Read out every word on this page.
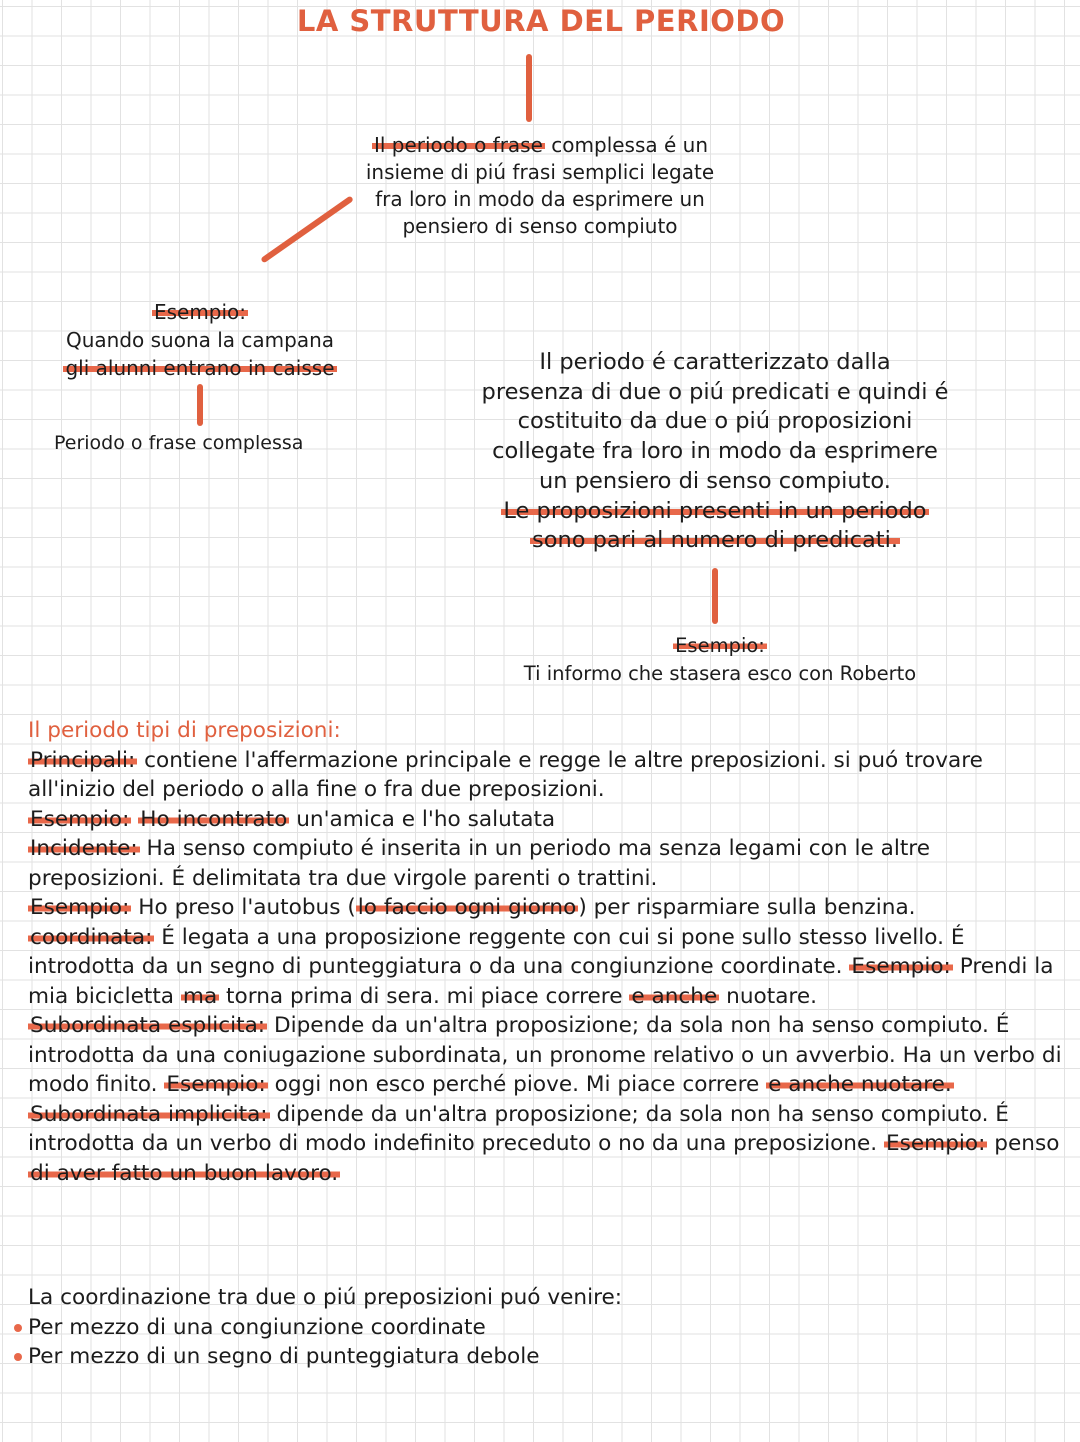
LA STRUTTURA DEL PERIODO
Il periodo o frase complessa é un
insieme di piú frasi semplici legate
fra loro in modo da esprimere un
pensiero di senso compiuto
Esempio:
Quando suona la campana
gli alunni entrano in caisse
Periodo o frase complessa
Il periodo é caratterizzato dalla
presenza di due o piú predicati e quindi é
costituito da due o piú proposizioni
collegate fra loro in modo da esprimere
un pensiero di senso compiuto.
Le proposizioni presenti in un periodo
sono pari al numero di predicati.
Esempio:
Ti informo che stasera esco con Roberto

Il periodo tipi di preposizioni:

Principali: contiene l'affermazione principale e regge le altre preposizioni. si puó trovare all'inizio del periodo o alla fine o fra due preposizioni.

Esempio: Ho incontrato un'amica e l'ho salutata

Incidente: Ha senso compiuto é inserita in un periodo ma senza legami con le altre preposizioni. É delimitata tra due virgole parenti o trattini.

Esempio: Ho preso l'autobus (lo faccio ogni giorno) per risparmiare sulla benzina.

coordinata: É legata a una proposizione reggente con cui si pone sullo stesso livello. É introdotta da un segno di punteggiatura o da una congiunzione coordinate. Esempio: Prendi la mia bicicletta ma torna prima di sera. mi piace correre e anche nuotare.

Subordinata esplicita: Dipende da un'altra proposizione; da sola non ha senso compiuto. É introdotta da una coniugazione subordinata, un pronome relativo o un avverbio. Ha un verbo di modo finito. Esempio: oggi non esco perché piove. Mi piace correre e anche nuotare.

Subordinata implicita: dipende da un'altra proposizione; da sola non ha senso compiuto. É introdotta da un verbo di modo indefinito preceduto o no da una preposizione. Esempio: penso di aver fatto un buon lavoro.

La coordinazione tra due o piú preposizioni puó venire:

Per mezzo di una congiunzione coordinate

Per mezzo di un segno di punteggiatura debole
